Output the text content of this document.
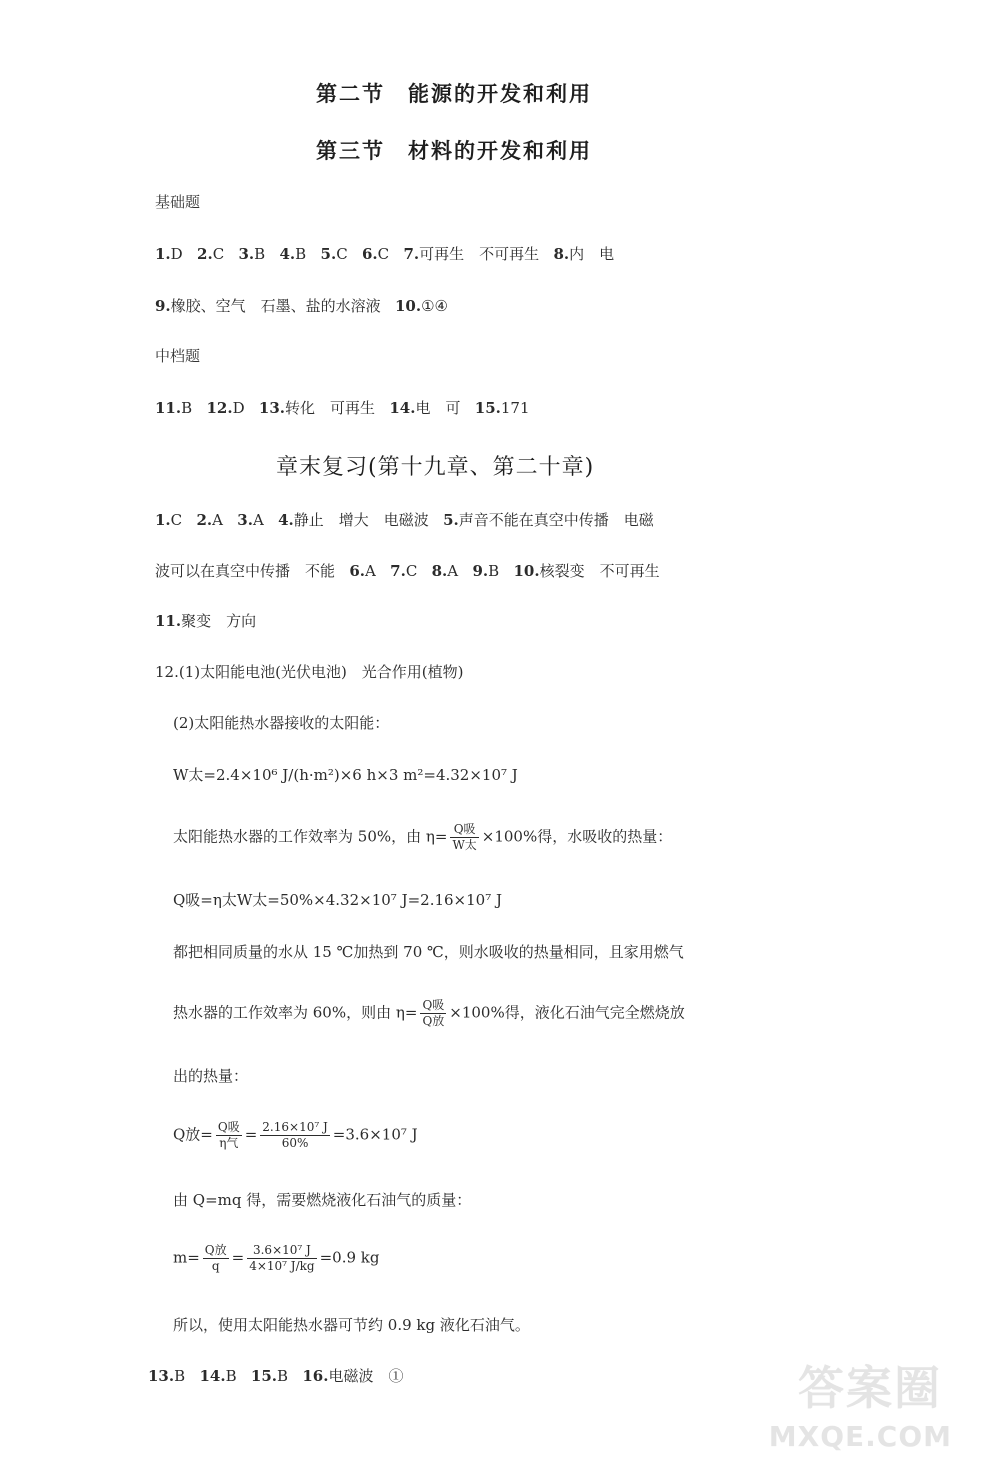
第二节　能源的开发和利用
第三节　材料的开发和利用
基础题
1.D 2.C 3.B 4.B 5.C 6.C 7.可再生　不可再生 8.内　电
9.橡胶、空气　石墨、盐的水溶液 10.①④
中档题
11.B 12.D 13.转化　可再生 14.电　可 15.171
章末复习(第十九章、第二十章)
1.C 2.A 3.A 4.静止　增大　电磁波 5.声音不能在真空中传播　电磁
波可以在真空中传播　不能 6.A 7.C 8.A 9.B 10.核裂变　不可再生
11.聚变　方向
12.(1)太阳能电池(光伏电池)　光合作用(植物)
(2)太阳能热水器接收的太阳能：
W太=2.4×10⁶ J/(h·m²)×6 h×3 m²=4.32×10⁷ J
太阳能热水器的工作效率为 50%，由 $\eta= \frac{\text{Q吸}}{\text{W太}} \times 100\%$得，水吸收的热量：
Q吸=η太W太=50%×4.32×10⁷ J=2.16×10⁷ J
都把相同质量的水从 15 ℃加热到 70 ℃，则水吸收的热量相同，且家用燃气
热水器的工作效率为 60%，则由 $\eta= \frac{\text{Q吸}}{\text{Q放}} \times 100\%$得，液化石油气完全燃烧放
出的热量：
Q放= $\frac{\text{Q吸}}{\text{η气}} = \frac{\text{2.16×10⁷ J}}{60\%} =3.6\times 10^7$ J
由 Q=mq 得，需要燃烧液化石油气的质量：
$m= \frac{\text{Q放}}{q} = \frac{\text{3.6×10⁷ J}}{\text{4×10⁷ J/kg}} =0.9$ kg
所以，使用太阳能热水器可节约 0.9 kg 液化石油气。
13.B 14.B 15.B 16.电磁波　①	答案圈
MXQE.COM
